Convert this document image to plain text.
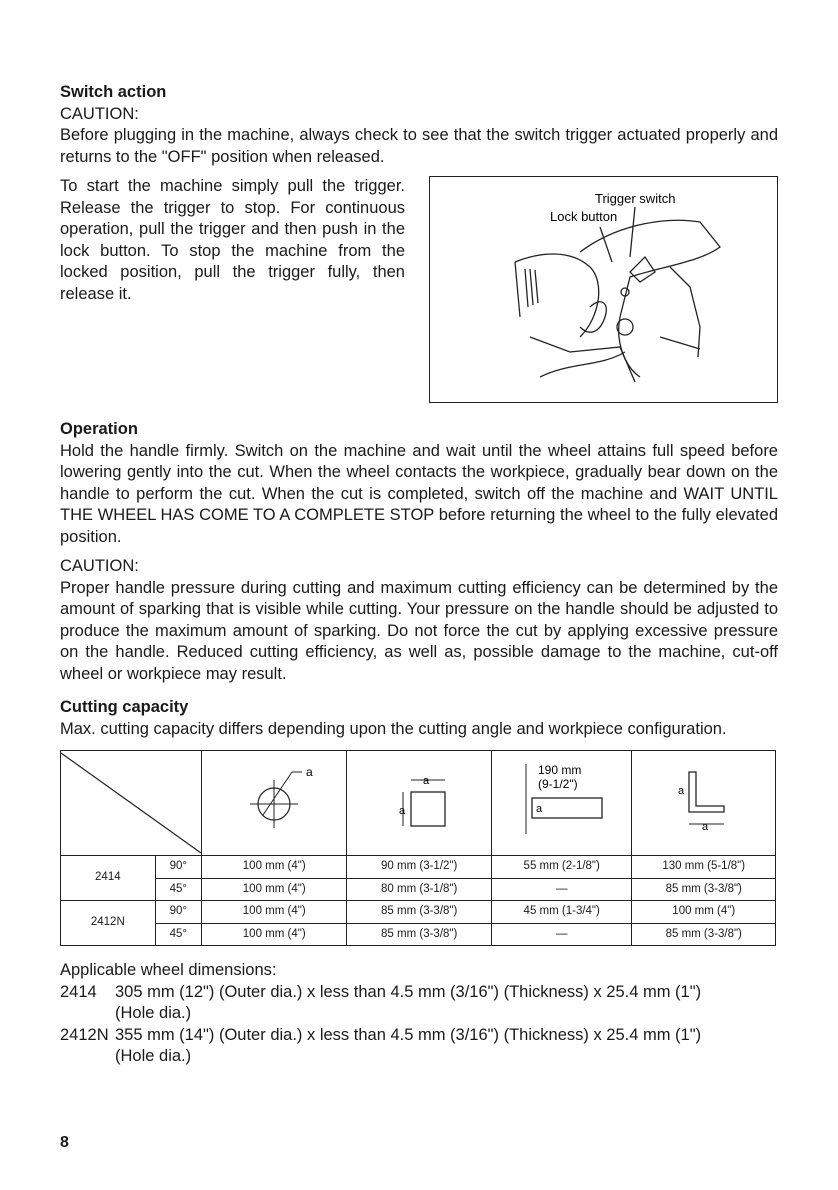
Switch action

CAUTION:

Before plugging in the machine, always check to see that the switch trigger actuated properly and returns to the "OFF" position when released.

To start the machine simply pull the trigger. Release the trigger to stop. For continuous operation, pull the trigger and then push in the lock button. To stop the machine from the locked position, pull the trigger fully, then release it.

Trigger switch
Lock button
Operation

Hold the handle firmly. Switch on the machine and wait until the wheel attains full speed before lowering gently into the cut. When the wheel contacts the workpiece, gradually bear down on the handle to perform the cut. When the cut is completed, switch off the machine and WAIT UNTIL THE WHEEL HAS COME TO A COMPLETE STOP before returning the wheel to the fully elevated position.

CAUTION:

Proper handle pressure during cutting and maximum cutting efficiency can be determined by the amount of sparking that is visible while cutting. Your pressure on the handle should be adjusted to produce the maximum amount of sparking. Do not force the cut by applying excessive pressure on the handle. Reduced cutting efficiency, as well as, possible damage to the machine, cut-off wheel or workpiece may result.

Cutting capacity

Max. cutting capacity differs depending upon the cutting angle and workpiece configuration.

a	a
a	190 mm
(9-1/2")
a	a
a

2414	90°	100 mm (4")	90 mm (3-1/2")	55 mm (2-1/8")	130 mm (5-1/8")
	45°	100 mm (4")	80 mm (3-1/8")	—	85 mm (3-3/8")
2412N	90°	100 mm (4")	85 mm (3-3/8")	45 mm (1-3/4")	100 mm (4")
	45°	100 mm (4")	85 mm (3-3/8")	—	85 mm (3-3/8")

Applicable wheel dimensions:

2414	305 mm (12") (Outer dia.) x less than 4.5 mm (3/16") (Thickness) x 25.4 mm (1")
(Hole dia.)
2412N 355 mm (14") (Outer dia.) x less than 4.5 mm (3/16") (Thickness) x 25.4 mm (1")
(Hole dia.)
8
